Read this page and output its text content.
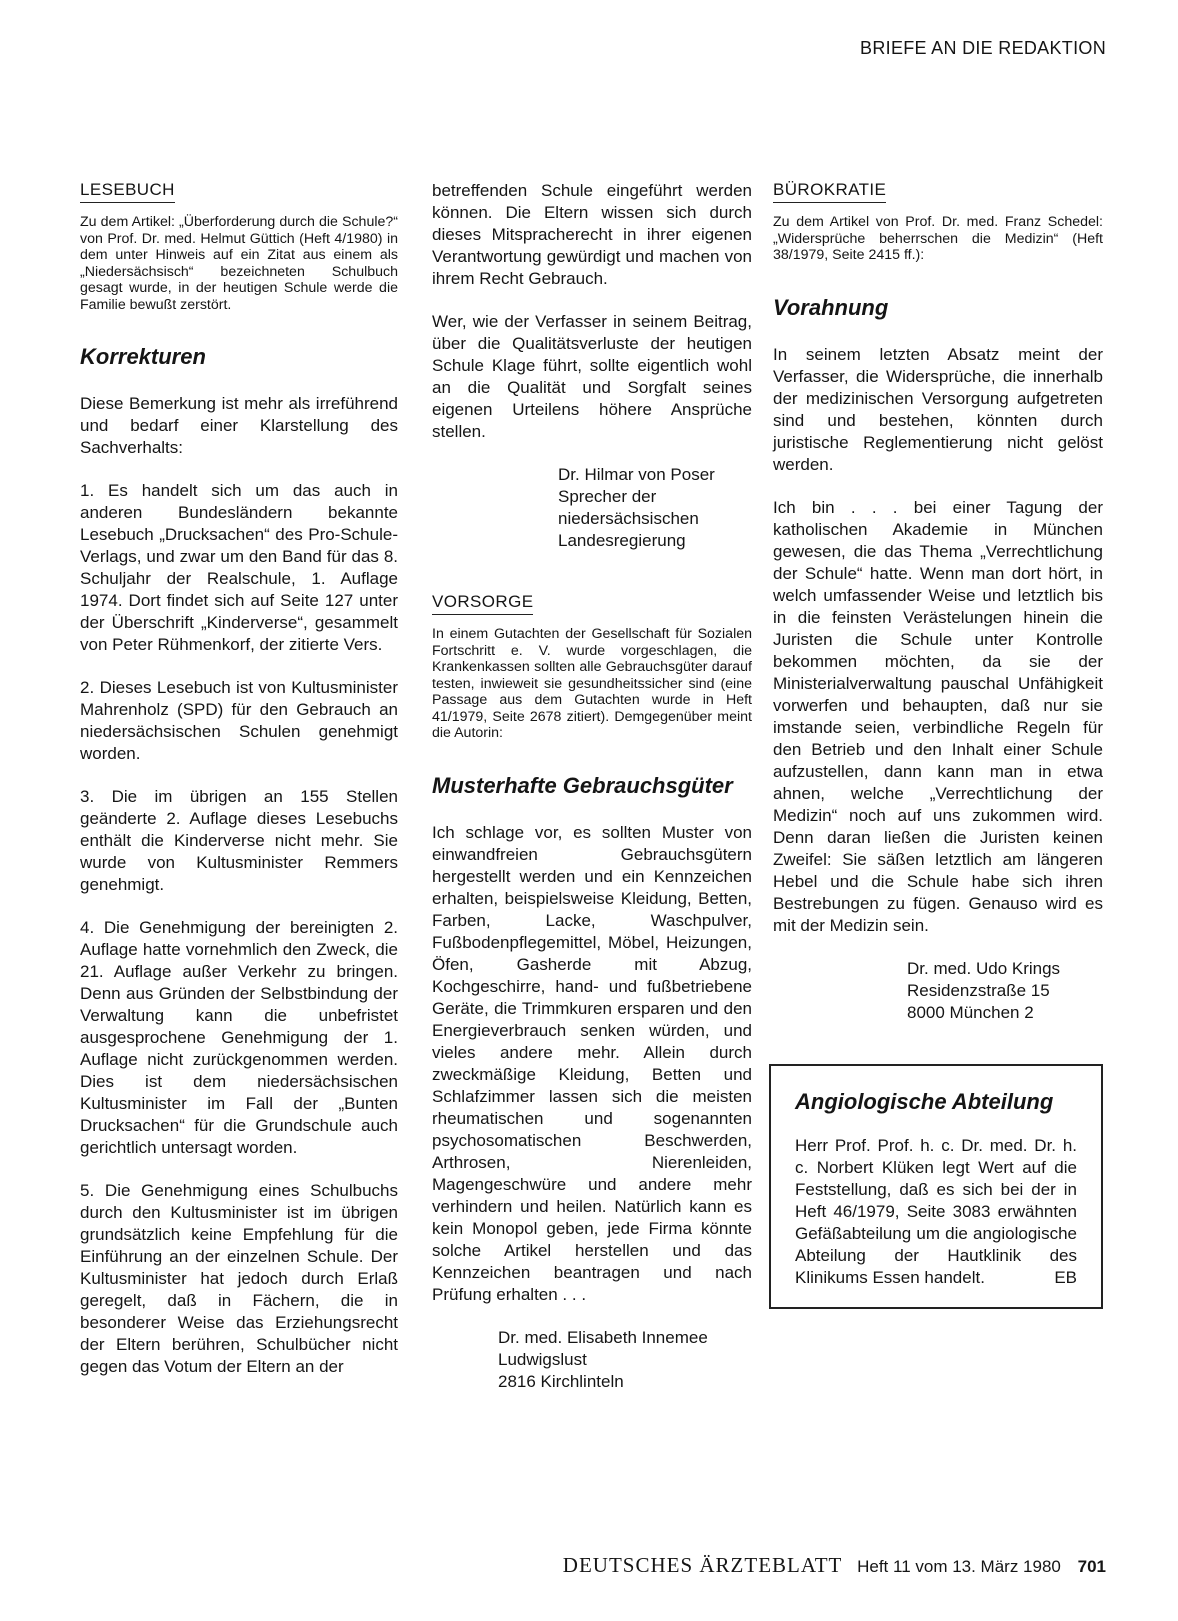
BRIEFE AN DIE REDAKTION
LESEBUCH

Zu dem Artikel: „Überforderung durch die Schule?“ von Prof. Dr. med. Helmut Güttich (Heft 4/1980) in dem unter Hinweis auf ein Zitat aus einem als „Niedersächsisch“ bezeichneten Schulbuch gesagt wurde, in der heutigen Schule werde die Familie bewußt zerstört.

Korrekturen

Diese Bemerkung ist mehr als irreführend und bedarf einer Klarstellung des Sachverhalts:

1. Es handelt sich um das auch in anderen Bundesländern bekannte Lesebuch „Drucksachen“ des Pro-Schule-Verlags, und zwar um den Band für das 8. Schuljahr der Realschule, 1. Auflage 1974. Dort findet sich auf Seite 127 unter der Überschrift „Kinderverse“, gesammelt von Peter Rühmenkorf, der zitierte Vers.

2. Dieses Lesebuch ist von Kultusminister Mahrenholz (SPD) für den Gebrauch an niedersächsischen Schulen genehmigt worden.

3. Die im übrigen an 155 Stellen geänderte 2. Auflage dieses Lesebuchs enthält die Kinderverse nicht mehr. Sie wurde von Kultusminister Remmers genehmigt.

4. Die Genehmigung der bereinigten 2. Auflage hatte vornehmlich den Zweck, die 21. Auflage außer Verkehr zu bringen. Denn aus Gründen der Selbstbindung der Verwaltung kann die unbefristet ausgesprochene Genehmigung der 1. Auflage nicht zurückgenommen werden. Dies ist dem niedersächsischen Kultusminister im Fall der „Bunten Drucksachen“ für die Grundschule auch gerichtlich untersagt worden.

5. Die Genehmigung eines Schulbuchs durch den Kultusminister ist im übrigen grundsätzlich keine Empfehlung für die Einführung an der einzelnen Schule. Der Kultusminister hat jedoch durch Erlaß geregelt, daß in Fächern, die in besonderer Weise das Erziehungsrecht der Eltern berühren, Schulbücher nicht gegen das Votum der Eltern an der

betreffenden Schule eingeführt werden können. Die Eltern wissen sich durch dieses Mitspracherecht in ihrer eigenen Verantwortung gewürdigt und machen von ihrem Recht Gebrauch.

Wer, wie der Verfasser in seinem Beitrag, über die Qualitätsverluste der heutigen Schule Klage führt, sollte eigentlich wohl an die Qualität und Sorgfalt seines eigenen Urteilens höhere Ansprüche stellen.

Dr. Hilmar von Poser
Sprecher der
niedersächsischen
Landesregierung
VORSORGE

In einem Gutachten der Gesellschaft für Sozialen Fortschritt e. V. wurde vorgeschlagen, die Krankenkassen sollten alle Gebrauchsgüter darauf testen, inwieweit sie gesundheitssicher sind (eine Passage aus dem Gutachten wurde in Heft 41/1979, Seite 2678 zitiert). Demgegenüber meint die Autorin:

Musterhafte Gebrauchsgüter

Ich schlage vor, es sollten Muster von einwandfreien Gebrauchsgütern hergestellt werden und ein Kennzeichen erhalten, beispielsweise Kleidung, Betten, Farben, Lacke, Waschpulver, Fußbodenpflegemittel, Möbel, Heizungen, Öfen, Gasherde mit Abzug, Kochgeschirre, hand- und fußbetriebene Geräte, die Trimmkuren ersparen und den Energieverbrauch senken würden, und vieles andere mehr. Allein durch zweckmäßige Kleidung, Betten und Schlafzimmer lassen sich die meisten rheumatischen und sogenannten psychosomatischen Beschwerden, Arthrosen, Nierenleiden, Magengeschwüre und andere mehr verhindern und heilen. Natürlich kann es kein Monopol geben, jede Firma könnte solche Artikel herstellen und das Kennzeichen beantragen und nach Prüfung erhalten . . .

Dr. med. Elisabeth Innemee
Ludwigslust
2816 Kirchlinteln
BÜROKRATIE

Zu dem Artikel von Prof. Dr. med. Franz Schedel: „Widersprüche beherrschen die Medizin“ (Heft 38/1979, Seite 2415 ff.):

Vorahnung

In seinem letzten Absatz meint der Verfasser, die Widersprüche, die innerhalb der medizinischen Versorgung aufgetreten sind und bestehen, könnten durch juristische Reglementierung nicht gelöst werden.

Ich bin . . . bei einer Tagung der katholischen Akademie in München gewesen, die das Thema „Verrechtlichung der Schule“ hatte. Wenn man dort hört, in welch umfassender Weise und letztlich bis in die feinsten Verästelungen hinein die Juristen die Schule unter Kontrolle bekommen möchten, da sie der Ministerialverwaltung pauschal Unfähigkeit vorwerfen und behaupten, daß nur sie imstande seien, verbindliche Regeln für den Betrieb und den Inhalt einer Schule aufzustellen, dann kann man in etwa ahnen, welche „Verrechtlichung der Medizin“ noch auf uns zukommen wird. Denn daran ließen die Juristen keinen Zweifel: Sie säßen letztlich am längeren Hebel und die Schule habe sich ihren Bestrebungen zu fügen. Genauso wird es mit der Medizin sein.

Dr. med. Udo Krings
Residenzstraße 15
8000 München 2
Angiologische Abteilung

Herr Prof. Prof. h. c. Dr. med. Dr. h. c. Norbert Klüken legt Wert auf die Feststellung, daß es sich bei der in Heft 46/1979, Seite 3083 erwähnten Gefäßabteilung um die angiologische Abteilung der Hautklinik des Klinikums Essen handelt.	EB

DEUTSCHES ÄRZTEBLATT Heft 11 vom 13. März 1980 701
